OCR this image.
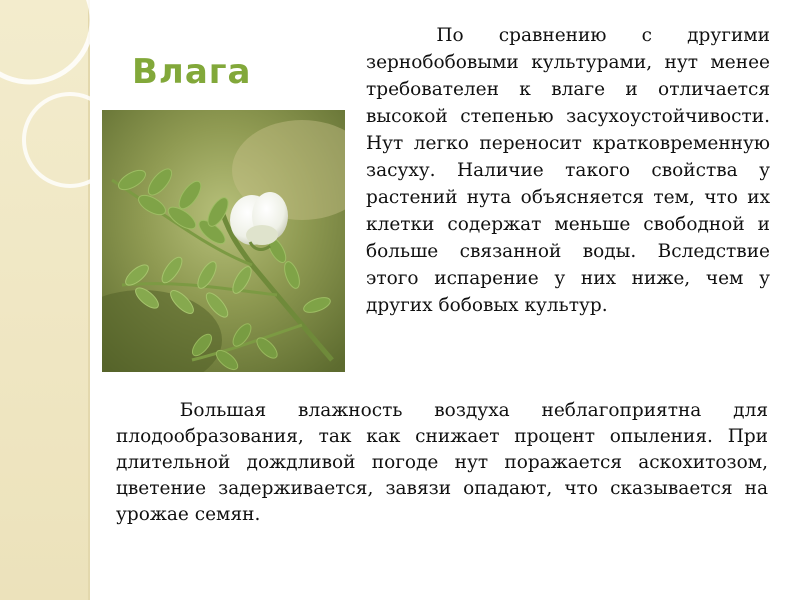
Влага

По сравнению с другими зернобобовыми культурами, нут менее требователен к влаге и отличается высокой степенью засухоустойчивости. Нут легко переносит кратковременную засуху. Наличие такого свойства у растений нута объясняется тем, что их клетки содержат меньше свободной и больше связанной воды. Вследствие этого испарение у них ниже, чем у других бобовых культур.

Большая влажность воздуха неблагоприятна для плодообразования, так как снижает процент опыления. При длительной дождливой погоде нут поражается аскохитозом, цветение задерживается, завязи опадают, что сказывается на урожае семян.
